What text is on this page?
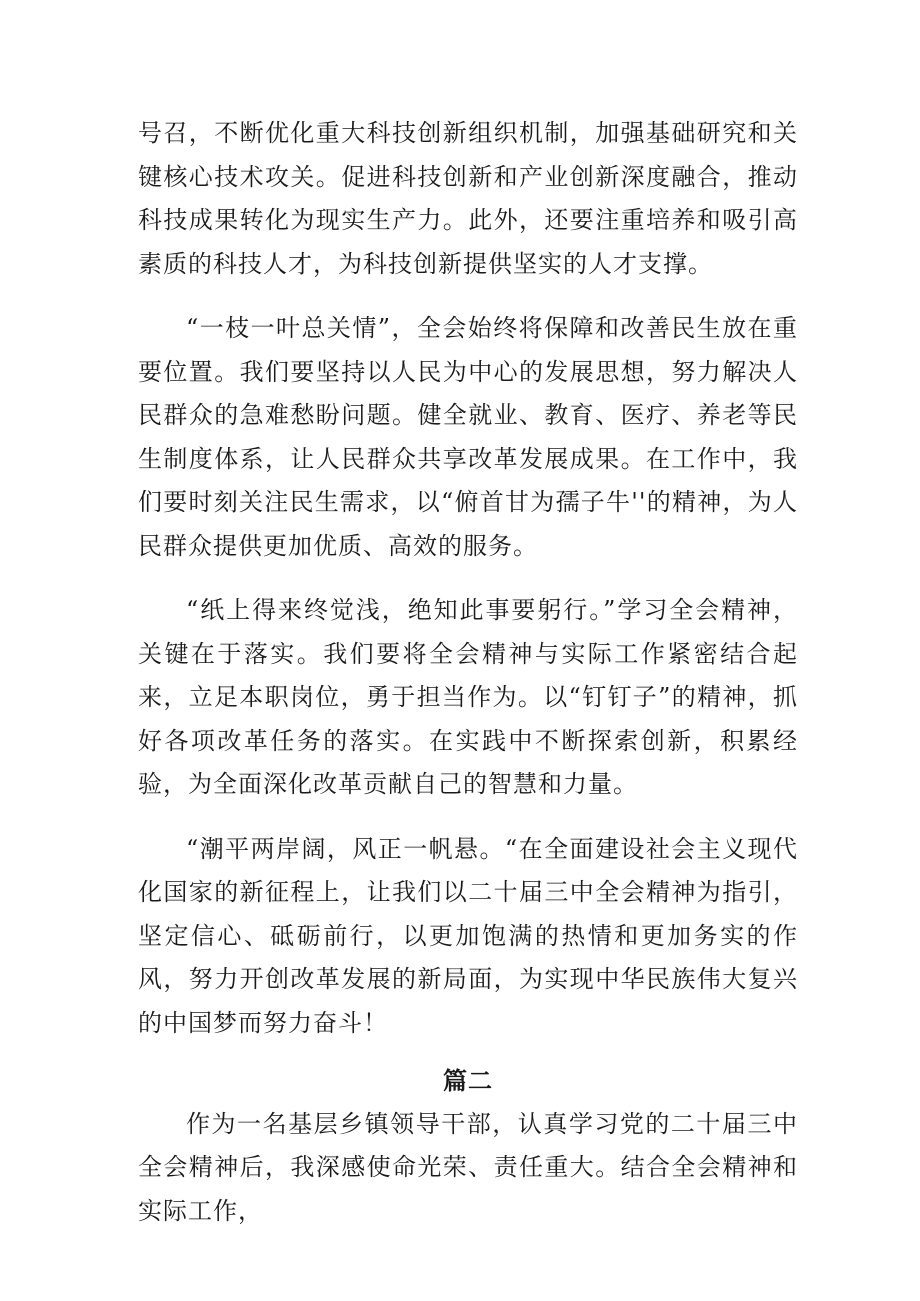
号召，不断优化重大科技创新组织机制，加强基础研究和关键核心技术攻关。促进科技创新和产业创新深度融合，推动科技成果转化为现实生产力。此外，还要注重培养和吸引高素质的科技人才，为科技创新提供坚实的人才支撑。

“一枝一叶总关情”，全会始终将保障和改善民生放在重要位置。我们要坚持以人民为中心的发展思想，努力解决人民群众的急难愁盼问题。健全就业、教育、医疗、养老等民生制度体系，让人民群众共享改革发展成果。在工作中，我们要时刻关注民生需求，以“俯首甘为孺子牛''的精神，为人民群众提供更加优质、高效的服务。

“纸上得来终觉浅，绝知此事要躬行。”学习全会精神，关键在于落实。我们要将全会精神与实际工作紧密结合起来，立足本职岗位，勇于担当作为。以“钉钉子”的精神，抓好各项改革任务的落实。在实践中不断探索创新，积累经验，为全面深化改革贡献自己的智慧和力量。

“潮平两岸阔，风正一帆悬。“在全面建设社会主义现代化国家的新征程上，让我们以二十届三中全会精神为指引，坚定信心、砥砺前行，以更加饱满的热情和更加务实的作风，努力开创改革发展的新局面，为实现中华民族伟大复兴的中国梦而努力奋斗！

篇二

作为一名基层乡镇领导干部，认真学习党的二十届三中全会精神后，我深感使命光荣、责任重大。结合全会精神和实际工作，
